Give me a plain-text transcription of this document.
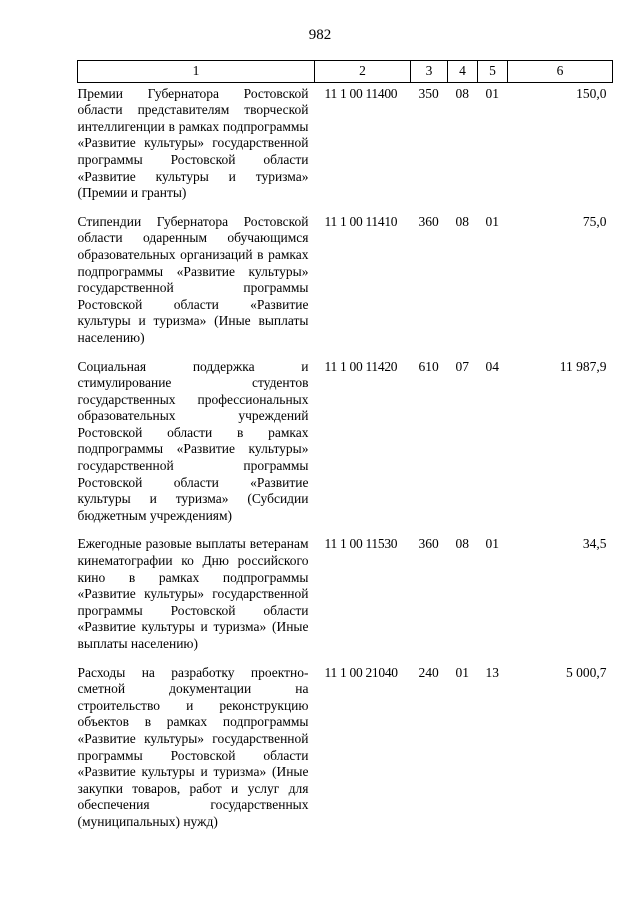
982
1	2	3	4	5	6
Премии Губернатора Ростовской области представителям творческой интеллигенции в рамках подпрограммы «Развитие культуры» государственной программы Ростовской области «Развитие культуры и туризма» (Премии и гранты)	11 1 00 11400	350	08	01	150,0
Стипендии Губернатора Ростовской области одаренным обучающимся образовательных организаций в рамках подпрограммы «Развитие культуры» государственной программы Ростовской области «Развитие культуры и туризма» (Иные выплаты населению)	11 1 00 11410	360	08	01	75,0
Социальная поддержка и стимулирование студентов государственных профессиональных образовательных учреждений Ростовской области в рамках подпрограммы «Развитие культуры» государственной программы Ростовской области «Развитие культуры и туризма» (Субсидии бюджетным учреждениям)	11 1 00 11420	610	07	04	11 987,9
Ежегодные разовые выплаты ветеранам кинематографии ко Дню российского кино в рамках подпрограммы «Развитие культуры» государственной программы Ростовской области «Развитие культуры и туризма» (Иные выплаты населению)	11 1 00 11530	360	08	01	34,5
Расходы на разработку проектно-сметной документации на строительство и реконструкцию объектов в рамках подпрограммы «Развитие культуры» государственной программы Ростовской области «Развитие культуры и туризма» (Иные закупки товаров, работ и услуг для обеспечения государственных (муниципальных) нужд)	11 1 00 21040	240	01	13	5 000,7
